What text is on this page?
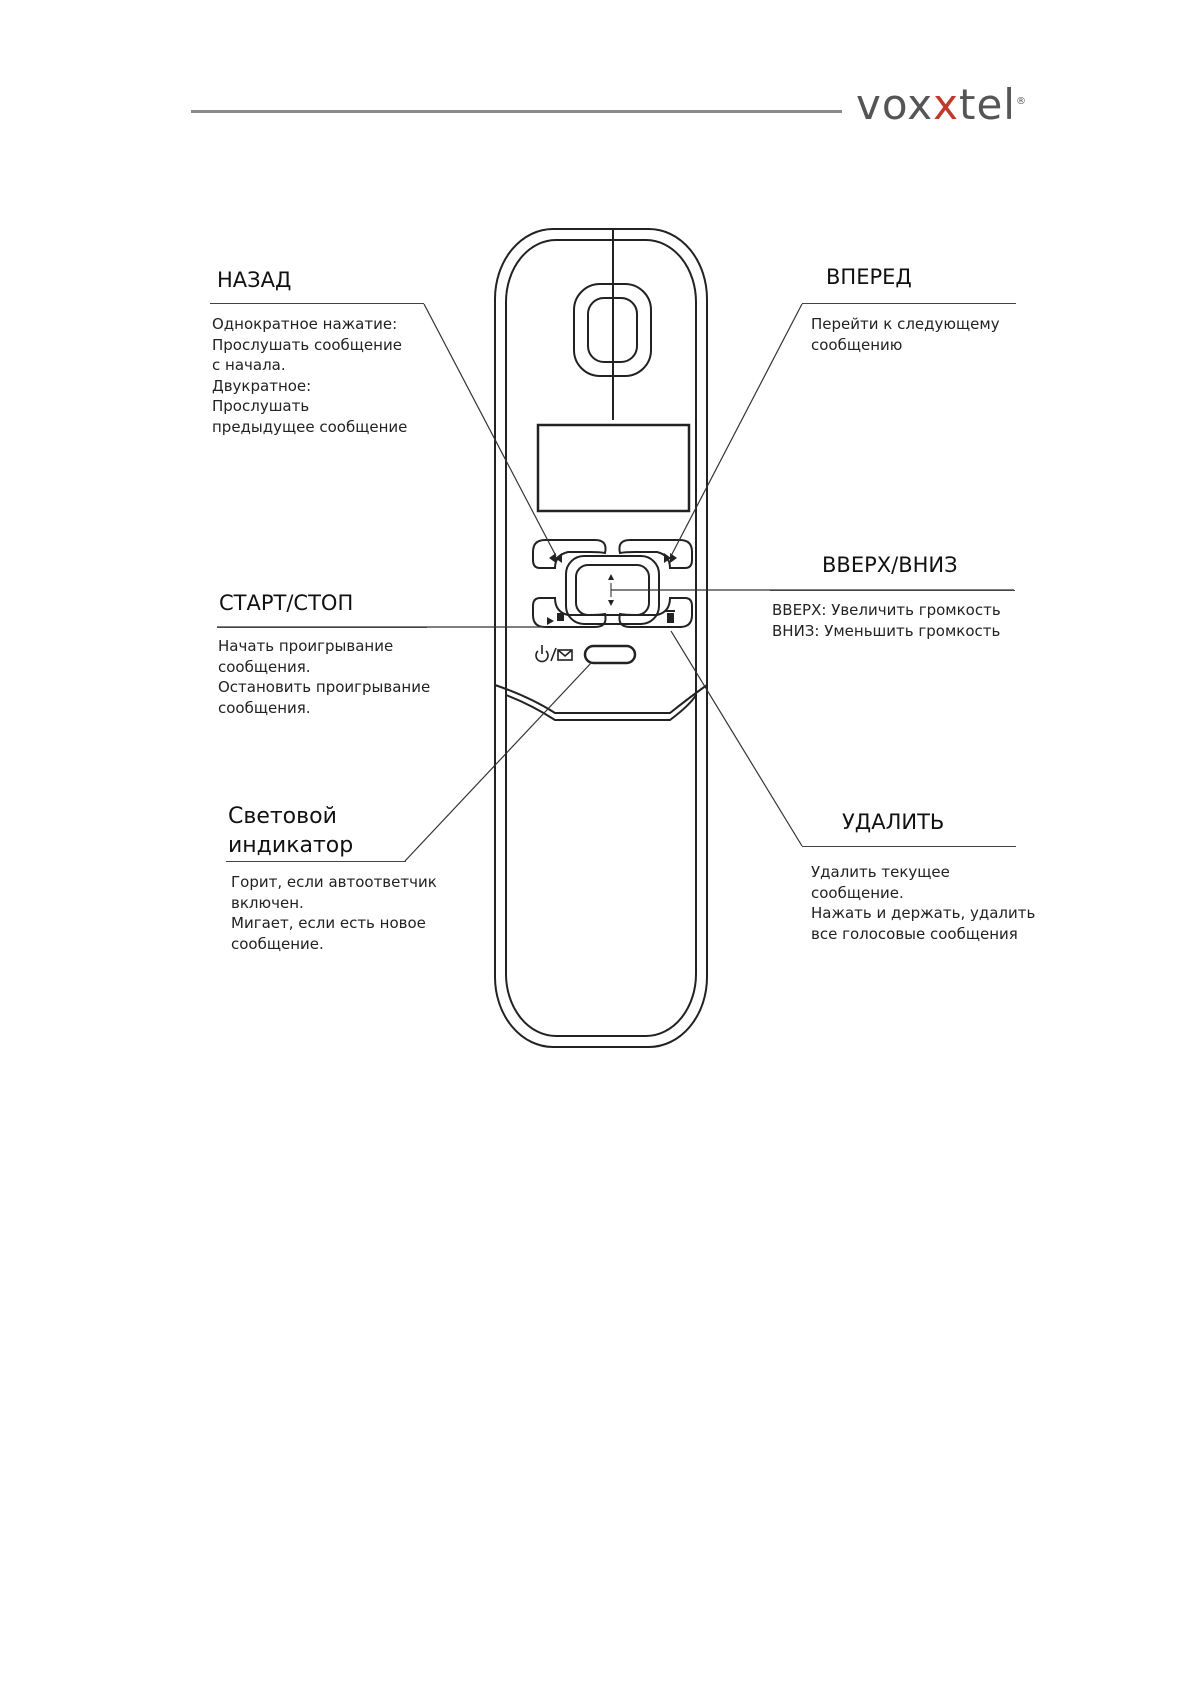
voxxtel®
НАЗАД
Однократное нажатие:
Прослушать сообщение
с начала.
Двукратное:
Прослушать
предыдущее сообщение
ВПЕРЕД
Перейти к следующему
сообщению
ВВЕРХ/ВНИЗ
ВВЕРХ: Увеличить громкость
ВНИЗ: Уменьшить громкость
СТАРТ/СТОП
Начать проигрывание
сообщения.
Остановить проигрывание
сообщения.
Световой индикатор
Горит, если автоответчик
включен.
Мигает, если есть новое
сообщение.
УДАЛИТЬ
Удалить текущее
сообщение.
Нажать и держать, удалить
все голосовые сообщения
